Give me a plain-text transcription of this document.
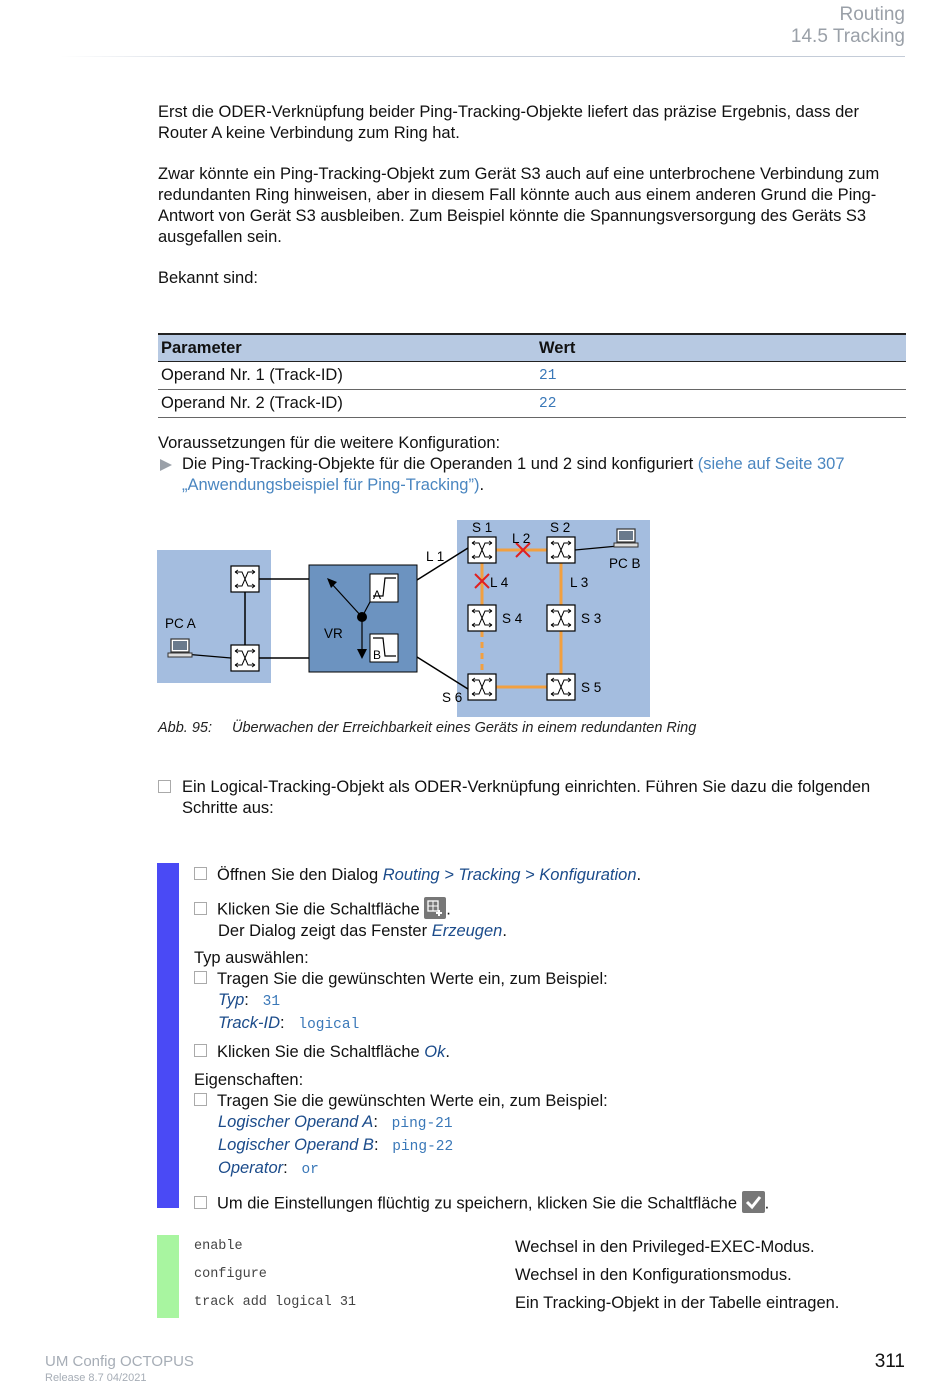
Routing
14.5 Tracking
Erst die ODER-Verknüpfung beider Ping-Tracking-Objekte liefert das präzise Ergebnis, dass der Router A keine Verbindung zum Ring hat.
Zwar könnte ein Ping-Tracking-Objekt zum Gerät S3 auch auf eine unterbrochene Verbindung zum redundanten Ring hinweisen, aber in diesem Fall könnte auch aus einem anderen Grund die Ping-Antwort von Gerät S3 ausbleiben. Zum Beispiel könnte die Spannungsversorgung des Geräts S3 ausgefallen sein.
Bekannt sind:
Parameter	Wert
Operand Nr. 1 (Track-ID)	21
Operand Nr. 2 (Track-ID)	22
Voraussetzungen für die weitere Konfiguration:
Die Ping-Tracking-Objekte für die Operanden 1 und 2 sind konfiguriert (siehe auf Seite 307 „Anwendungsbeispiel für Ping-Tracking”).
S 1	S 2
L 2
L 1	PC B
L 4	L 3
S 4	S 3
S 5
S 6
PC A
VR
A
B
Abb. 95: Überwachen der Erreichbarkeit eines Geräts in einem redundanten Ring
Ein Logical-Tracking-Objekt als ODER-Verknüpfung einrichten. Führen Sie dazu die folgenden Schritte aus:
Öffnen Sie den Dialog Routing > Tracking > Konfiguration.
Klicken Sie die Schaltfläche .
Der Dialog zeigt das Fenster Erzeugen.
Typ auswählen:
Tragen Sie die gewünschten Werte ein, zum Beispiel:
Typ:   31
Track-ID:   logical
Klicken Sie die Schaltfläche Ok.
Eigenschaften:
Tragen Sie die gewünschten Werte ein, zum Beispiel:
Logischer Operand A:   ping-21
Logischer Operand B:   ping-22
Operator:   or
Um die Einstellungen flüchtig zu speichern, klicken Sie die Schaltfläche .
enable	Wechsel in den Privileged-EXEC-Modus.
configure	Wechsel in den Konfigurationsmodus.
track add logical 31	Ein Tracking-Objekt in der Tabelle eintragen.
UM Config OCTOPUS
Release 8.7 04/2021
311
